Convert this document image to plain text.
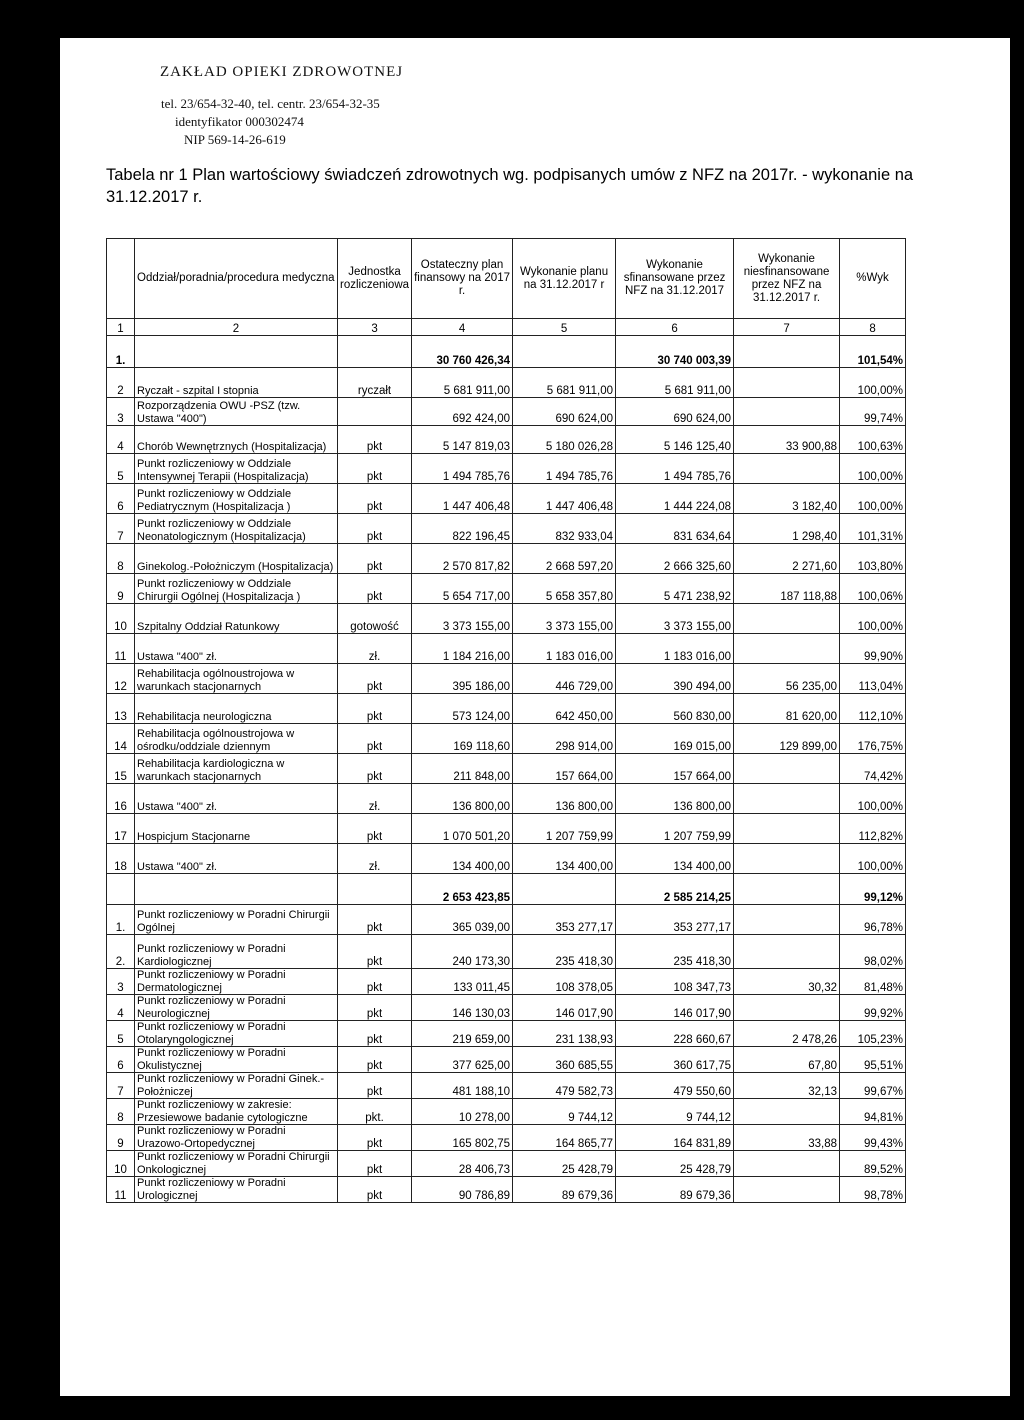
ZAKŁAD OPIEKI ZDROWOTNEJ
tel. 23/654-32-40, tel. centr. 23/654-32-35
identyfikator 000302474
NIP 569-14-26-619
Tabela nr 1 Plan wartościowy świadczeń zdrowotnych wg. podpisanych umów z NFZ na 2017r. - wykonanie na 31.12.2017 r.
	Oddział/poradnia/procedura medyczna	Jednostka rozliczeniowa	Ostateczny plan finansowy na 2017 r.	Wykonanie planu na 31.12.2017 r	Wykonanie sfinansowane przez NFZ na 31.12.2017	Wykonanie niesfinansowane przez NFZ na 31.12.2017 r.	%Wyk
1	2	3	4	5	6	7	8
1.			30 760 426,34		30 740 003,39		101,54%
2	Ryczałt - szpital I stopnia	ryczałt	5 681 911,00	5 681 911,00	5 681 911,00		100,00%
3	Rozporządzenia OWU -PSZ (tzw. Ustawa "400")		692 424,00	690 624,00	690 624,00		99,74%
4	Chorób Wewnętrznych (Hospitalizacja)	pkt	5 147 819,03	5 180 026,28	5 146 125,40	33 900,88	100,63%
5	Punkt rozliczeniowy w Oddziale Intensywnej Terapii (Hospitalizacja)	pkt	1 494 785,76	1 494 785,76	1 494 785,76		100,00%
6	Punkt rozliczeniowy w Oddziale Pediatrycznym (Hospitalizacja )	pkt	1 447 406,48	1 447 406,48	1 444 224,08	3 182,40	100,00%
7	Punkt rozliczeniowy w Oddziale Neonatologicznym (Hospitalizacja)	pkt	822 196,45	832 933,04	831 634,64	1 298,40	101,31%
8	Ginekolog.-Położniczym (Hospitalizacja)	pkt	2 570 817,82	2 668 597,20	2 666 325,60	2 271,60	103,80%
9	Punkt rozliczeniowy w Oddziale Chirurgii Ogólnej (Hospitalizacja )	pkt	5 654 717,00	5 658 357,80	5 471 238,92	187 118,88	100,06%
10	Szpitalny Oddział Ratunkowy	gotowość	3 373 155,00	3 373 155,00	3 373 155,00		100,00%
11	Ustawa "400" zł.	zł.	1 184 216,00	1 183 016,00	1 183 016,00		99,90%
12	Rehabilitacja ogólnoustrojowa w warunkach stacjonarnych	pkt	395 186,00	446 729,00	390 494,00	56 235,00	113,04%
13	Rehabilitacja neurologiczna	pkt	573 124,00	642 450,00	560 830,00	81 620,00	112,10%
14	Rehabilitacja ogólnoustrojowa w ośrodku/oddziale dziennym	pkt	169 118,60	298 914,00	169 015,00	129 899,00	176,75%
15	Rehabilitacja kardiologiczna w warunkach stacjonarnych	pkt	211 848,00	157 664,00	157 664,00		74,42%
16	Ustawa "400" zł.	zł.	136 800,00	136 800,00	136 800,00		100,00%
17	Hospicjum Stacjonarne	pkt	1 070 501,20	1 207 759,99	1 207 759,99		112,82%
18	Ustawa "400" zł.	zł.	134 400,00	134 400,00	134 400,00		100,00%
			2 653 423,85		2 585 214,25		99,12%
1.	Punkt rozliczeniowy w Poradni Chirurgii Ogólnej	pkt	365 039,00	353 277,17	353 277,17		96,78%
2.	Punkt rozliczeniowy w Poradni Kardiologicznej	pkt	240 173,30	235 418,30	235 418,30		98,02%
3	Punkt rozliczeniowy w Poradni Dermatologicznej	pkt	133 011,45	108 378,05	108 347,73	30,32	81,48%
4	Punkt rozliczeniowy w Poradni Neurologicznej	pkt	146 130,03	146 017,90	146 017,90		99,92%
5	Punkt rozliczeniowy w Poradni Otolaryngologicznej	pkt	219 659,00	231 138,93	228 660,67	2 478,26	105,23%
6	Punkt rozliczeniowy w Poradni Okulistycznej	pkt	377 625,00	360 685,55	360 617,75	67,80	95,51%
7	Punkt rozliczeniowy w Poradni Ginek.-Położniczej	pkt	481 188,10	479 582,73	479 550,60	32,13	99,67%
8	Punkt rozliczeniowy w zakresie: Przesiewowe badanie cytologiczne	pkt.	10 278,00	9 744,12	9 744,12		94,81%
9	Punkt rozliczeniowy w Poradni Urazowo-Ortopedycznej	pkt	165 802,75	164 865,77	164 831,89	33,88	99,43%
10	Punkt rozliczeniowy w Poradni Chirurgii Onkologicznej	pkt	28 406,73	25 428,79	25 428,79		89,52%
11	Punkt rozliczeniowy w Poradni Urologicznej	pkt	90 786,89	89 679,36	89 679,36		98,78%
